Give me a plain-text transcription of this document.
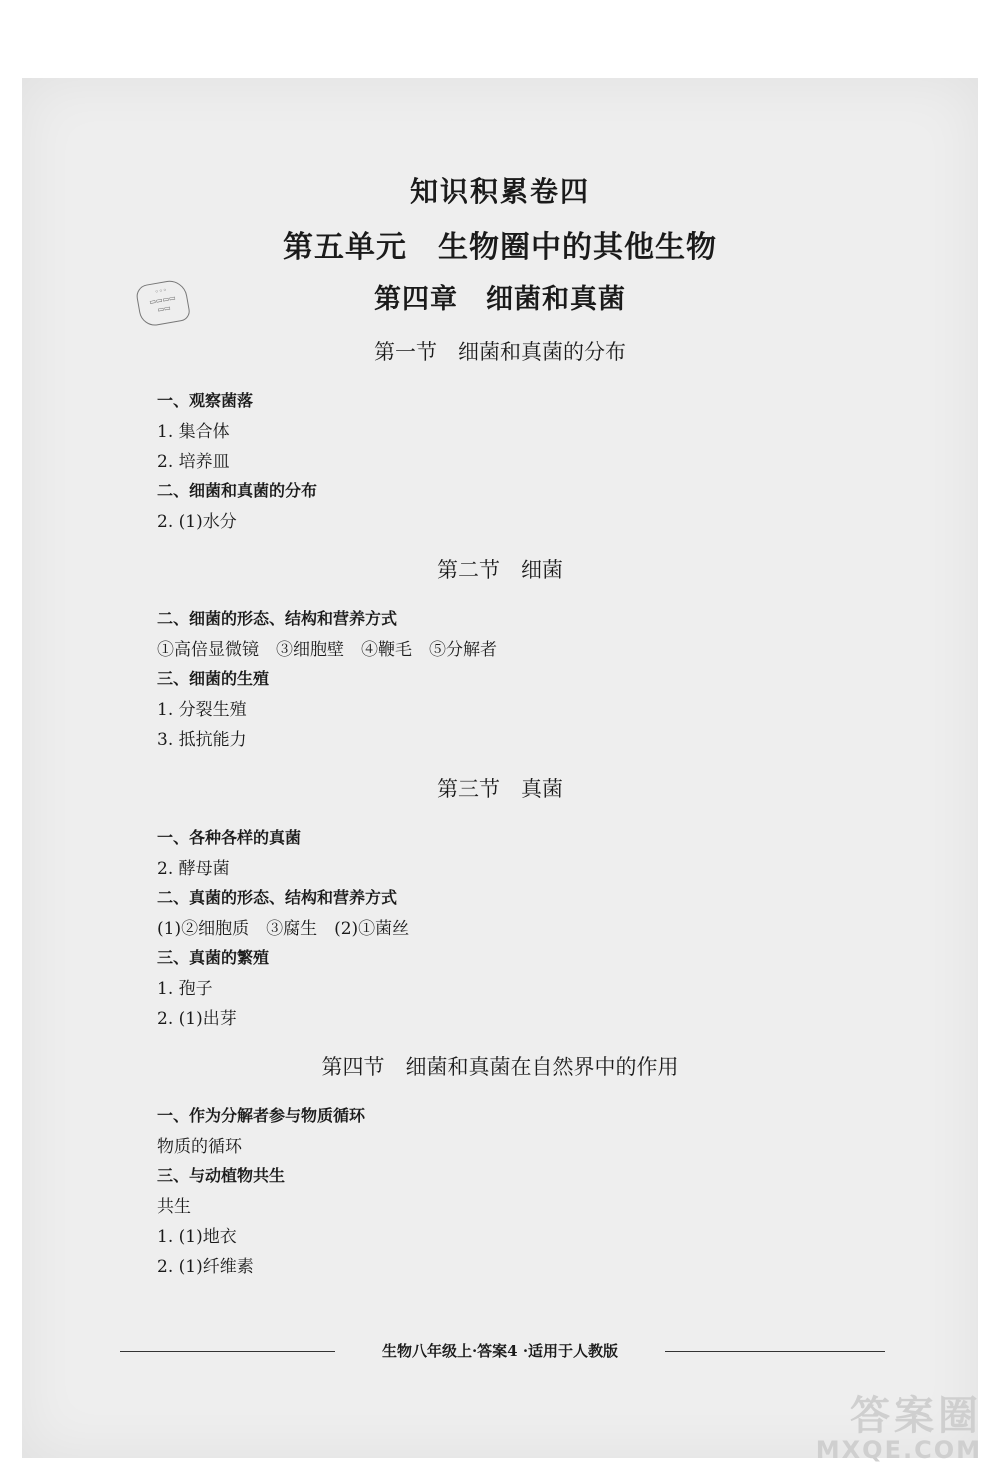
◦◦◦
▭▭▭▭
▭▭
知识积累卷四
第五单元　生物圈中的其他生物
第四章　细菌和真菌
第一节　细菌和真菌的分布
一、观察菌落
1. 集合体
2. 培养皿
二、细菌和真菌的分布
2. (1)水分
第二节　细菌
二、细菌的形态、结构和营养方式
①高倍显微镜　③细胞壁　④鞭毛　⑤分解者
三、细菌的生殖
1. 分裂生殖
3. 抵抗能力
第三节　真菌
一、各种各样的真菌
2. 酵母菌
二、真菌的形态、结构和营养方式
(1)②细胞质　③腐生　(2)①菌丝
三、真菌的繁殖
1. 孢子
2. (1)出芽
第四节　细菌和真菌在自然界中的作用
一、作为分解者参与物质循环
物质的循环
三、与动植物共生
共生
1. (1)地衣
2. (1)纤维素
生物八年级上·答案4 ·适用于人教版
答案圈
MXQE.COM
